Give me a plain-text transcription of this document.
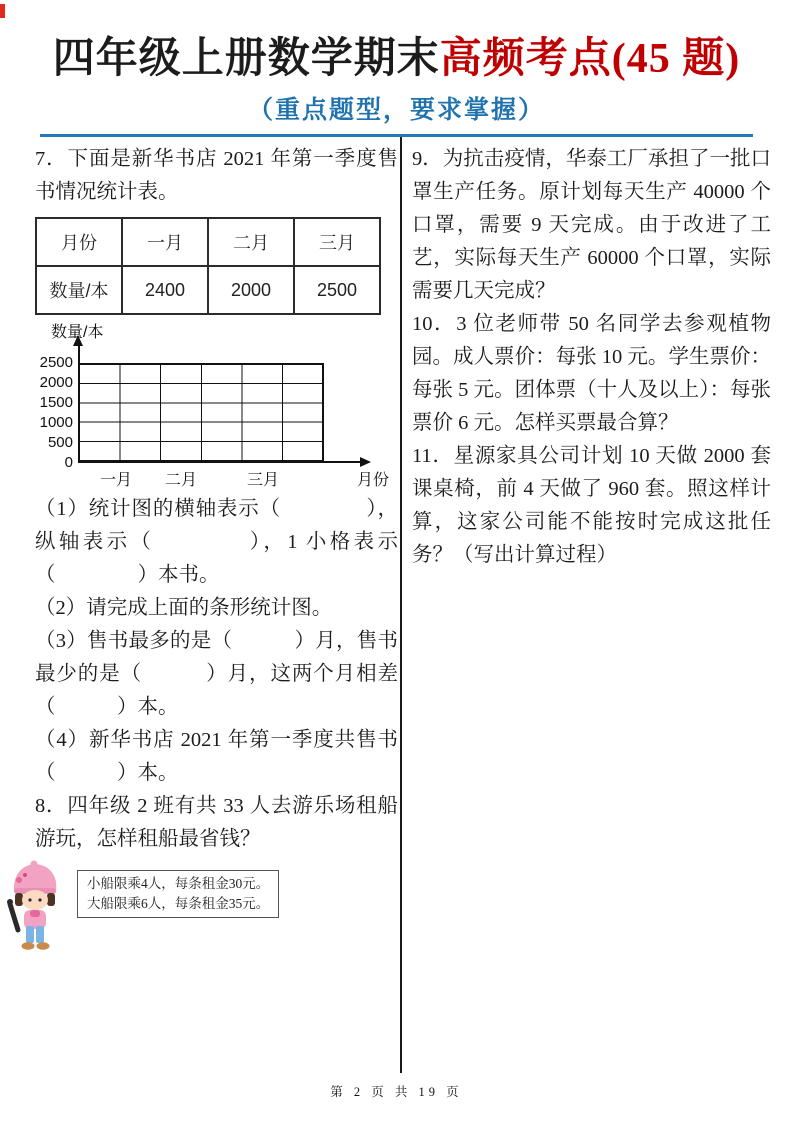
四年级上册数学期末高频考点(45 题)
（重点题型，要求掌握）

7．下面是新华书店 2021 年第一季度售书情况统计表。

月份	一月	二月	三月
数量/本	2400	2000	2500
数量/本
2500
2000
1500
1000
500
0
一月	二月	三月	月份

（1）统计图的横轴表示（　　　　），纵轴表示（　　　　），1 小格表示（　　　　）本书。

（2）请完成上面的条形统计图。

（3）售书最多的是（　　　）月，售书最少的是（　　　）月，这两个月相差（　　　）本。

（4）新华书店 2021 年第一季度共售书（　　　）本。

8．四年级 2 班有共 33 人去游乐场租船游玩，怎样租船最省钱？

小船限乘4人，每条租金30元。
大船限乘6人，每条租金35元。

9．为抗击疫情，华泰工厂承担了一批口罩生产任务。原计划每天生产 40000 个口罩，需要 9 天完成。由于改进了工艺，实际每天生产 60000 个口罩，实际需要几天完成？

10．3 位老师带 50 名同学去参观植物园。成人票价：每张 10 元。学生票价：每张 5 元。团体票（十人及以上）：每张票价 6 元。怎样买票最合算？

11．星源家具公司计划 10 天做 2000 套课桌椅，前 4 天做了 960 套。照这样计算，这家公司能不能按时完成这批任务？（写出计算过程）

第 2 页 共 19 页
